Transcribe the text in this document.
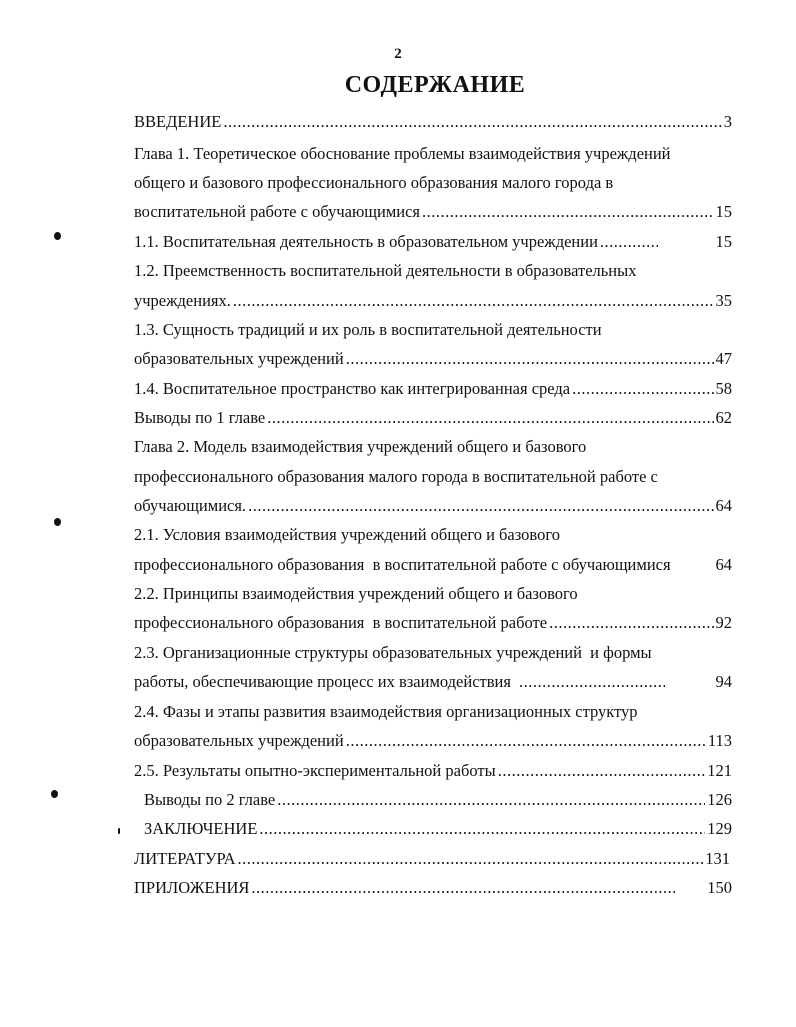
2
СОДЕРЖАНИЕ
ВВЕДЕНИЕ .....	3
Глава 1. Теоретическое обоснование проблемы взаимодействия учреждений
общего и базового профессионального образования малого города в
воспитательной работе с обучающимися .....	15
1.1. Воспитательная деятельность в образовательном учреждении .....	15
1.2. Преемственность воспитательной деятельности в образовательных
учреждениях. .....	35
1.3. Сущность традиций и их роль в воспитательной деятельности
образовательных учреждений .....	47
1.4. Воспитательное пространство как интегрированная среда .....	58
Выводы по 1 главе .....	62
Глава 2. Модель взаимодействия учреждений общего и базового
профессионального образования малого города в воспитательной работе с
обучающимися. .....	64
2.1. Условия взаимодействия учреждений общего и базового
профессионального образования  в воспитательной работе с обучающимися	64
2.2. Принципы взаимодействия учреждений общего и базового
профессионального образования  в воспитательной работе .....	92
2.3. Организационные структуры образовательных учреждений  и формы
работы, обеспечивающие процесс их взаимодействия .....	94
2.4. Фазы и этапы развития взаимодействия организационных структур
образовательных учреждений .....	113
2.5. Результаты опытно-экспериментальной работы .....	121
Выводы по 2 главе .....	126
ЗАКЛЮЧЕНИЕ .....	129
ЛИТЕРАТУРА .....	131
ПРИЛОЖЕНИЯ .....	150
